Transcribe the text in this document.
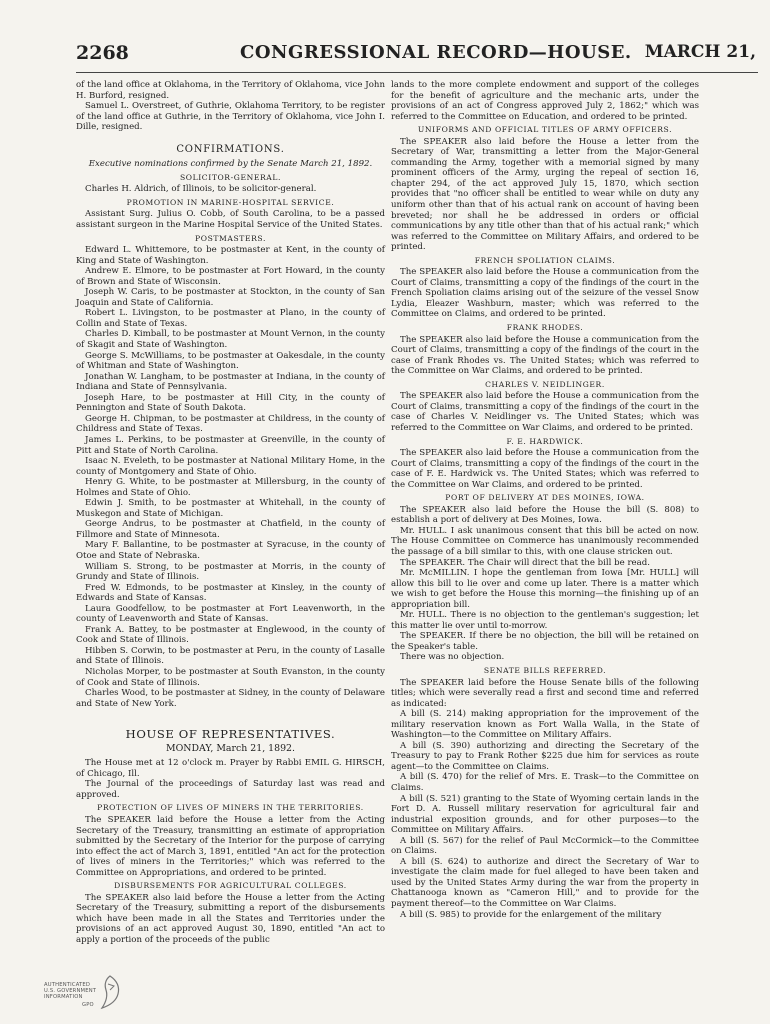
2268	CONGRESSIONAL RECORD—HOUSE. MARCH 21,

of the land office at Oklahoma, in the Territory of Oklahoma, vice John H. Burford, resigned.

Samuel L. Overstreet, of Guthrie, Oklahoma Territory, to be register of the land office at Guthrie, in the Territory of Oklahoma, vice John I. Dille, resigned.

CONFIRMATIONS.

Executive nominations confirmed by the Senate March 21, 1892.

SOLICITOR-GENERAL.

Charles H. Aldrich, of Illinois, to be solicitor-general.

PROMOTION IN MARINE-HOSPITAL SERVICE.

Assistant Surg. Julius O. Cobb, of South Carolina, to be a passed assistant surgeon in the Marine Hospital Service of the United States.

POSTMASTERS.

Edward L. Whittemore, to be postmaster at Kent, in the county of King and State of Washington.

Andrew E. Elmore, to be postmaster at Fort Howard, in the county of Brown and State of Wisconsin.

Joseph W. Caris, to be postmaster at Stockton, in the county of San Joaquin and State of California.

Robert L. Livingston, to be postmaster at Plano, in the county of Collin and State of Texas.

Charles D. Kimball, to be postmaster at Mount Vernon, in the county of Skagit and State of Washington.

George S. McWilliams, to be postmaster at Oakesdale, in the county of Whitman and State of Washington.

Jonathan W. Langham, to be postmaster at Indiana, in the county of Indiana and State of Pennsylvania.

Joseph Hare, to be postmaster at Hill City, in the county of Pennington and State of South Dakota.

George H. Chipman, to be postmaster at Childress, in the county of Childress and State of Texas.

James L. Perkins, to be postmaster at Greenville, in the county of Pitt and State of North Carolina.

Isaac N. Eveleth, to be postmaster at National Military Home, in the county of Montgomery and State of Ohio.

Henry G. White, to be postmaster at Millersburg, in the county of Holmes and State of Ohio.

Edwin J. Smith, to be postmaster at Whitehall, in the county of Muskegon and State of Michigan.

George Andrus, to be postmaster at Chatfield, in the county of Fillmore and State of Minnesota.

Mary F. Ballantine, to be postmaster at Syracuse, in the county of Otoe and State of Nebraska.

William S. Strong, to be postmaster at Morris, in the county of Grundy and State of Illinois.

Fred W. Edmonds, to be postmaster at Kinsley, in the county of Edwards and State of Kansas.

Laura Goodfellow, to be postmaster at Fort Leavenworth, in the county of Leavenworth and State of Kansas.

Frank A. Battey, to be postmaster at Englewood, in the county of Cook and State of Illinois.

Hibben S. Corwin, to be postmaster at Peru, in the county of Lasalle and State of Illinois.

Nicholas Morper, to be postmaster at South Evanston, in the county of Cook and State of Illinois.

Charles Wood, to be postmaster at Sidney, in the county of Delaware and State of New York.

HOUSE OF REPRESENTATIVES.

MONDAY, March 21, 1892.

The House met at 12 o'clock m. Prayer by Rabbi EMIL G. HIRSCH, of Chicago, Ill.

The Journal of the proceedings of Saturday last was read and approved.

PROTECTION OF LIVES OF MINERS IN THE TERRITORIES.

The SPEAKER laid before the House a letter from the Acting Secretary of the Treasury, transmitting an estimate of appropriation submitted by the Secretary of the Interior for the purpose of carrying into effect the act of March 3, 1891, entitled "An act for the protection of lives of miners in the Territories;" which was referred to the Committee on Appropriations, and ordered to be printed.

DISBURSEMENTS FOR AGRICULTURAL COLLEGES.

The SPEAKER also laid before the House a letter from the Acting Secretary of the Treasury, submitting a report of the disbursements which have been made in all the States and Territories under the provisions of an act approved August 30, 1890, entitled "An act to apply a portion of the proceeds of the public

lands to the more complete endowment and support of the colleges for the benefit of agriculture and the mechanic arts, under the provisions of an act of Congress approved July 2, 1862;" which was referred to the Committee on Education, and ordered to be printed.

UNIFORMS AND OFFICIAL TITLES OF ARMY OFFICERS.

The SPEAKER also laid before the House a letter from the Secretary of War, transmitting a letter from the Major-General commanding the Army, together with a memorial signed by many prominent officers of the Army, urging the repeal of section 16, chapter 294, of the act approved July 15, 1870, which section provides that "no officer shall be entitled to wear while on duty any uniform other than that of his actual rank on account of having been breveted; nor shall he be addressed in orders or official communications by any title other than that of his actual rank;" which was referred to the Committee on Military Affairs, and ordered to be printed.

FRENCH SPOLIATION CLAIMS.

The SPEAKER also laid before the House a communication from the Court of Claims, transmitting a copy of the findings of the court in the French Spoliation claims arising out of the seizure of the vessel Snow Lydia, Eleazer Washburn, master; which was referred to the Committee on Claims, and ordered to be printed.

FRANK RHODES.

The SPEAKER also laid before the House a communication from the Court of Claims, transmitting a copy of the findings of the court in the case of Frank Rhodes vs. The United States; which was referred to the Committee on War Claims, and ordered to be printed.

CHARLES V. NEIDLINGER.

The SPEAKER also laid before the House a communication from the Court of Claims, transmitting a copy of the findings of the court in the case of Charles V. Neidlinger vs. The United States; which was referred to the Committee on War Claims, and ordered to be printed.

F. E. HARDWICK.

The SPEAKER also laid before the House a communication from the Court of Claims, transmitting a copy of the findings of the court in the case of F. E. Hardwick vs. The United States; which was referred to the Committee on War Claims, and ordered to be printed.

PORT OF DELIVERY AT DES MOINES, IOWA.

The SPEAKER also laid before the House the bill (S. 808) to establish a port of delivery at Des Moines, Iowa.

Mr. HULL. I ask unanimous consent that this bill be acted on now. The House Committee on Commerce has unanimously recommended the passage of a bill similar to this, with one clause stricken out.

The SPEAKER. The Chair will direct that the bill be read.

Mr. McMILLIN. I hope the gentleman from Iowa [Mr. HULL] will allow this bill to lie over and come up later. There is a matter which we wish to get before the House this morning—the finishing up of an appropriation bill.

Mr. HULL. There is no objection to the gentleman's suggestion; let this matter lie over until to-morrow.

The SPEAKER. If there be no objection, the bill will be retained on the Speaker's table.

There was no objection.

SENATE BILLS REFERRED.

The SPEAKER laid before the House Senate bills of the following titles; which were severally read a first and second time and referred as indicated:

A bill (S. 214) making appropriation for the improvement of the military reservation known as Fort Walla Walla, in the State of Washington—to the Committee on Military Affairs.

A bill (S. 390) authorizing and directing the Secretary of the Treasury to pay to Frank Rother $225 due him for services as route agent—to the Committee on Claims.

A bill (S. 470) for the relief of Mrs. E. Trask—to the Committee on Claims.

A bill (S. 521) granting to the State of Wyoming certain lands in the Fort D. A. Russell military reservation for agricultural fair and industrial exposition grounds, and for other purposes—to the Committee on Military Affairs.

A bill (S. 567) for the relief of Paul McCormick—to the Committee on Claims.

A bill (S. 624) to authorize and direct the Secretary of War to investigate the claim made for fuel alleged to have been taken and used by the United States Army during the war from the property in Chattanooga known as "Cameron Hill," and to provide for the payment thereof—to the Committee on War Claims.

A bill (S. 985) to provide for the enlargement of the military

AUTHENTICATED
U.S. GOVERNMENT
INFORMATION
GPO
